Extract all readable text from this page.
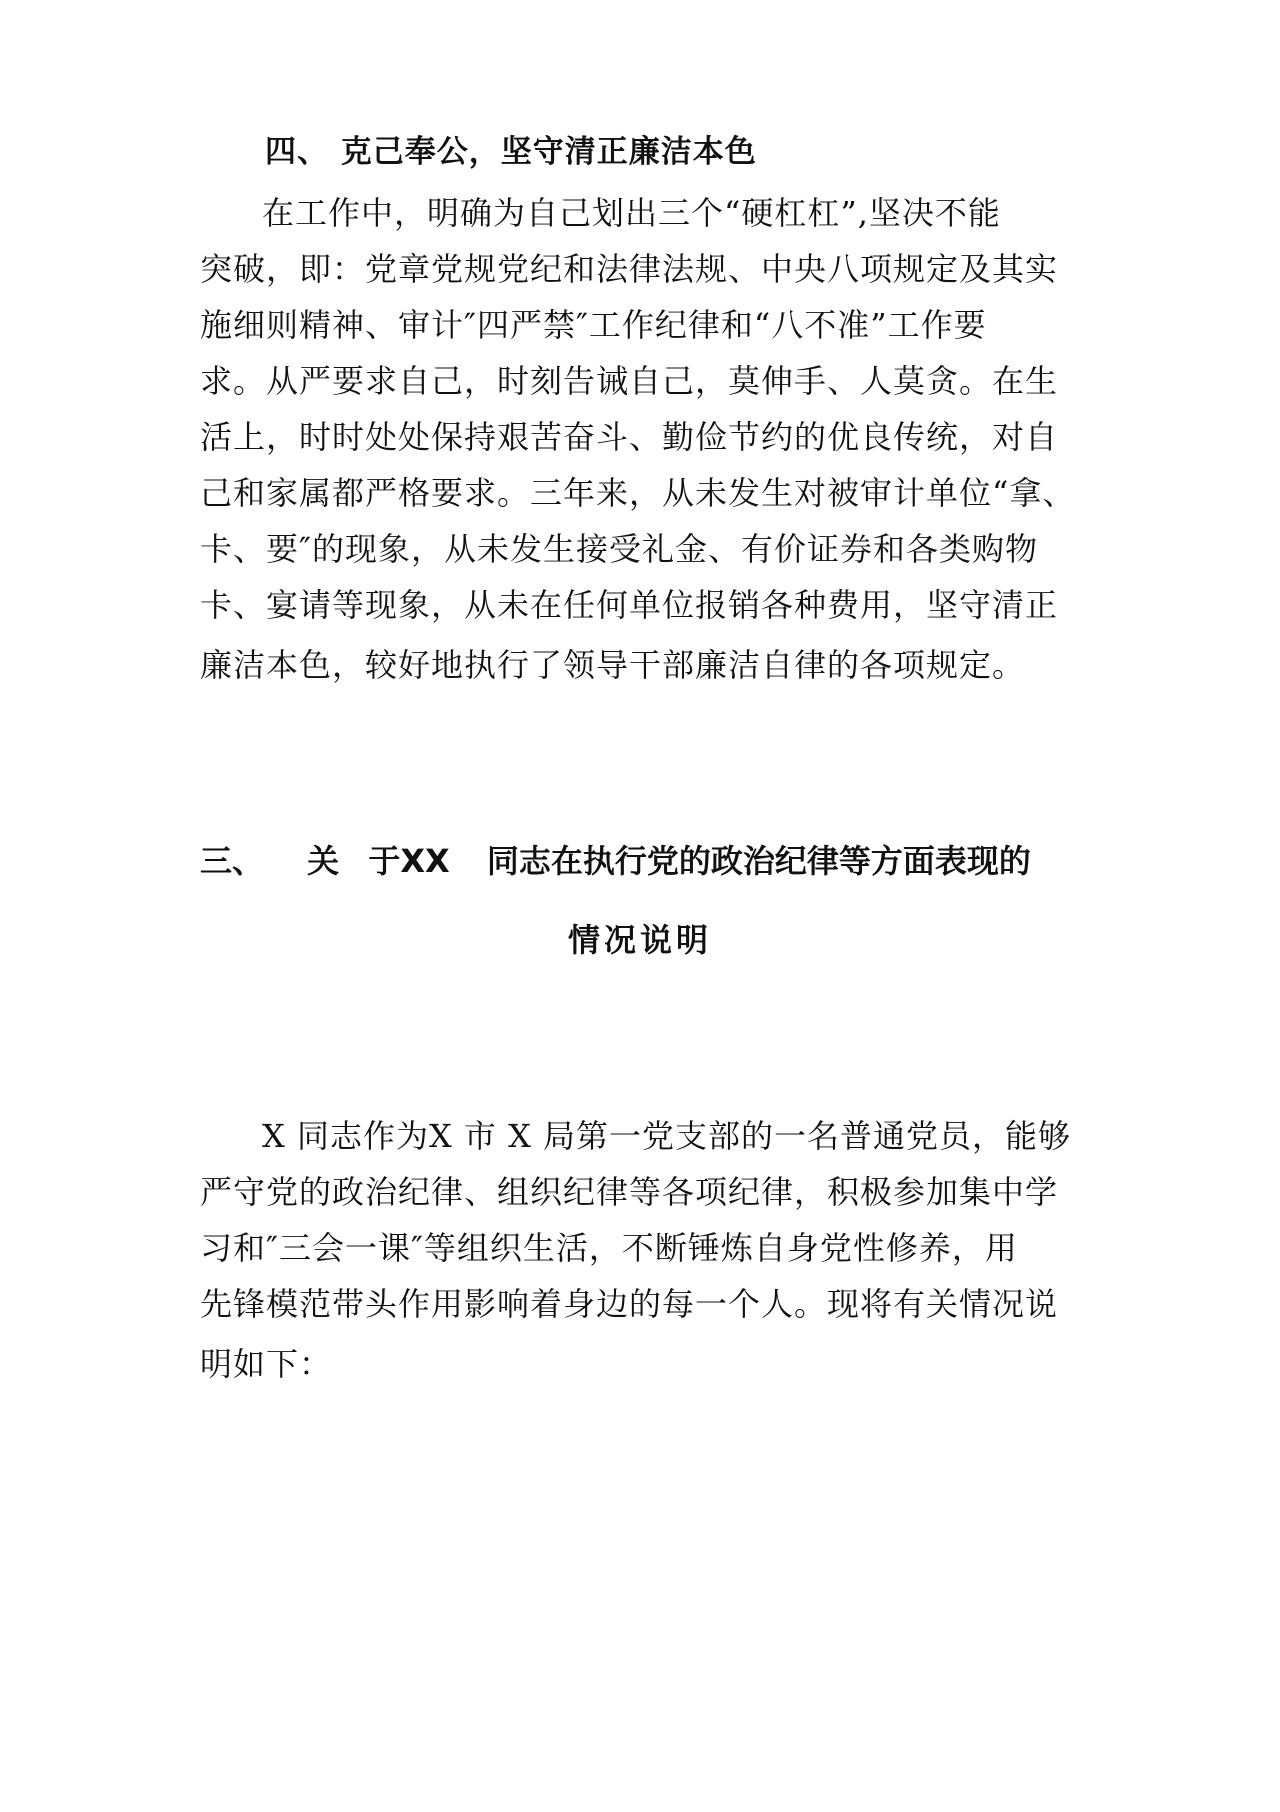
四、 克己奉公，坚守清正廉洁本色
在工作中，明确为自己划出三个“硬杠杠”,坚决不能
突破，即：党章党规党纪和法律法规、中央八项规定及其实
施细则精神、审计″四严禁″工作纪律和“八不准”工作要
求。从严要求自己，时刻告诫自己，莫伸手、人莫贪。在生
活上，时时处处保持艰苦奋斗、勤俭节约的优良传统，对自
己和家属都严格要求。三年来，从未发生对被审计单位“拿、
卡、要″的现象，从未发生接受礼金、有价证券和各类购物
卡、宴请等现象，从未在任何单位报销各种费用，坚守清正
廉洁本色，较好地执行了领导干部廉洁自律的各项规定。
三、 关 于XX 同志在执行党的政治纪律等方面表现的
情况说明
X 同志作为X 市 X 局第一党支部的一名普通党员，能够
严守党的政治纪律、组织纪律等各项纪律，积极参加集中学
习和″三会一课″等组织生活，不断锤炼自身党性修养，用
先锋模范带头作用影响着身边的每一个人。现将有关情况说
明如下：
